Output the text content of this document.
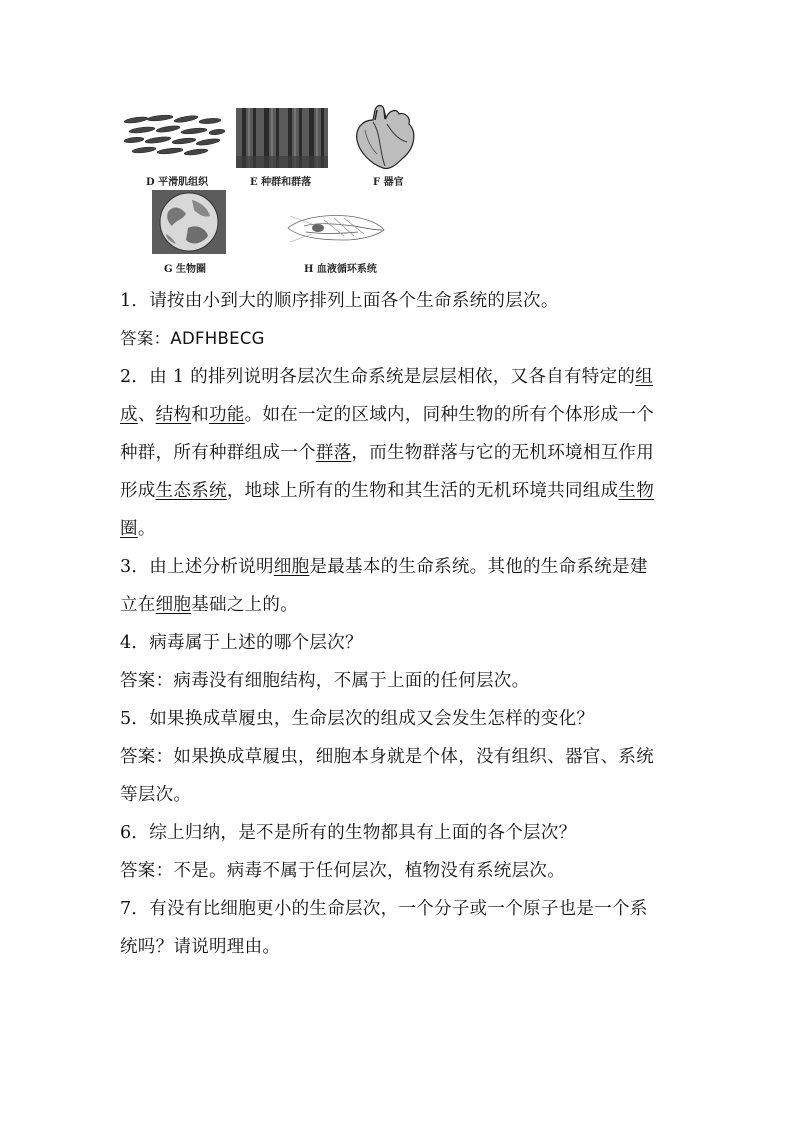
D 平滑肌组织	E 种群和群落	F 器官
G 生物圈	H 血液循环系统
1．请按由小到大的顺序排列上面各个生命系统的层次。
答案：ADFHBECG
2．由 1 的排列说明各层次生命系统是层层相依，又各自有特定的组
成、结构和功能。如在一定的区域内，同种生物的所有个体形成一个
种群，所有种群组成一个群落，而生物群落与它的无机环境相互作用
形成生态系统，地球上所有的生物和其生活的无机环境共同组成生物
圈。
3．由上述分析说明细胞是最基本的生命系统。其他的生命系统是建
立在细胞基础之上的。
4．病毒属于上述的哪个层次？
答案：病毒没有细胞结构，不属于上面的任何层次。
5．如果换成草履虫，生命层次的组成又会发生怎样的变化？
答案：如果换成草履虫，细胞本身就是个体，没有组织、器官、系统
等层次。
6．综上归纳，是不是所有的生物都具有上面的各个层次？
答案：不是。病毒不属于任何层次，植物没有系统层次。
7．有没有比细胞更小的生命层次，一个分子或一个原子也是一个系
统吗？请说明理由。
